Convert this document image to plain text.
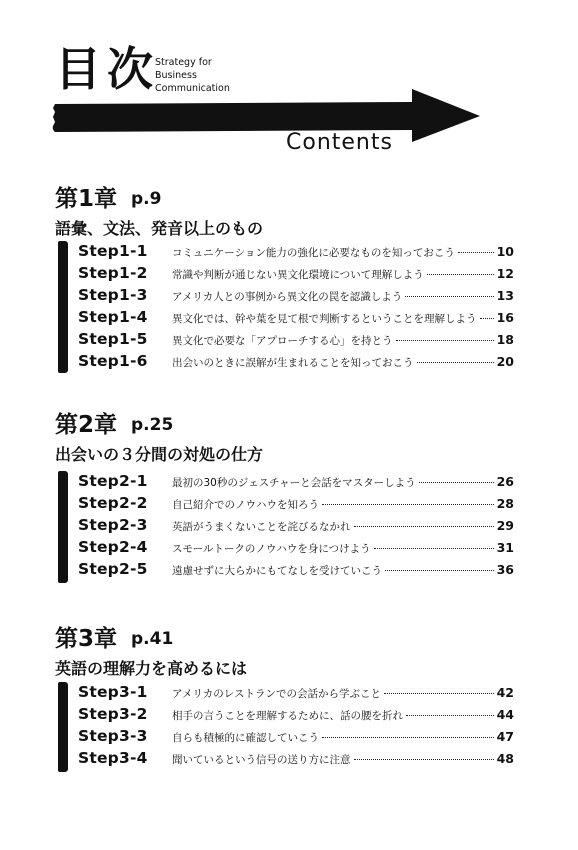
目次
Strategy for
Business
Communication
Contents
第1章 p.9
語彙、文法、発音以上のもの
Step1-1	コミュニケーション能力の強化に必要なものを知っておこう	10
Step1-2	常識や判断が通じない異文化環境について理解しよう	12
Step1-3	アメリカ人との事例から異文化の罠を認識しよう	13
Step1-4	異文化では、幹や葉を見て根で判断するということを理解しよう 16
Step1-5	異文化で必要な「アプローチする心」を持とう	18
Step1-6	出会いのときに誤解が生まれることを知っておこう	20
第2章 p.25
出会いの３分間の対処の仕方
Step2-1	最初の30秒のジェスチャーと会話をマスターしよう	26
Step2-2	自己紹介でのノウハウを知ろう	28
Step2-3	英語がうまくないことを詫びるなかれ	29
Step2-4	スモールトークのノウハウを身につけよう	31
Step2-5	遠慮せずに大らかにもてなしを受けていこう	36
第3章 p.41
英語の理解力を高めるには
Step3-1	アメリカのレストランでの会話から学ぶこと	42
Step3-2	相手の言うことを理解するために、話の腰を折れ	44
Step3-3	自らも積極的に確認していこう	47
Step3-4	聞いているという信号の送り方に注意	48
